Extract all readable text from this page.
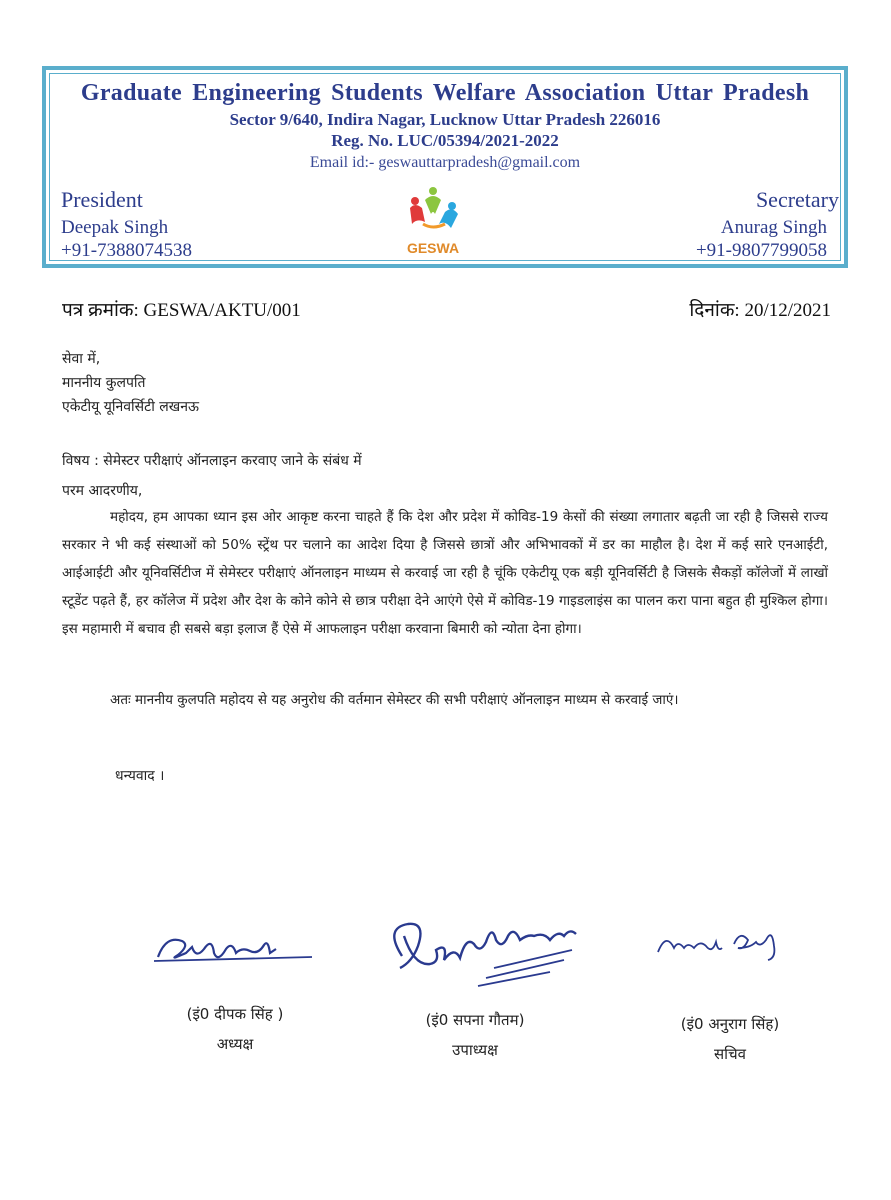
Graduate Engineering Students Welfare Association Uttar Pradesh
Sector 9/640, Indira Nagar, Lucknow Uttar Pradesh 226016
Reg. No. LUC/05394/2021-2022
Email id:- geswauttarpradesh@gmail.com
President
Deepak Singh
+91-7388074538	GESWA
Secretary
Anurag Singh
+91-9807799058
पत्र क्रमांक: GESWA/AKTU/001	दिनांक: 20/12/2021
सेवा में,
माननीय कुलपति
एकेटीयू यूनिवर्सिटी लखनऊ
विषय : सेमेस्टर परीक्षाएं ऑनलाइन करवाए जाने के संबंध में
परम आदरणीय,
महोदय, हम आपका ध्यान इस ओर आकृष्ट करना चाहते हैं कि देश और प्रदेश में कोविड-19 केसों की संख्या लगातार बढ़ती जा रही है जिससे राज्य सरकार ने भी कई संस्थाओं को 50% स्ट्रेंथ पर चलाने का आदेश दिया है जिससे छात्रों और अभिभावकों में डर का माहौल है। देश में कई सारे एनआईटी, आईआईटी और यूनिवर्सिटीज में सेमेस्टर परीक्षाएं ऑनलाइन माध्यम से करवाई जा रही है चूंकि एकेटीयू एक बड़ी यूनिवर्सिटी है जिसके सैकड़ों कॉलेजों में लाखों स्टूडेंट पढ़ते हैं, हर कॉलेज में प्रदेश और देश के कोने कोने से छात्र परीक्षा देने आएंगे ऐसे में कोविड-19 गाइडलाइंस का पालन करा पाना बहुत ही मुश्किल होगा। इस महामारी में बचाव ही सबसे बड़ा इलाज हैं ऐसे में आफलाइन परीक्षा करवाना बिमारी को न्योता देना होगा।
अतः माननीय कुलपति महोदय से यह अनुरोध की वर्तमान सेमेस्टर की सभी परीक्षाएं ऑनलाइन माध्यम से करवाई जाएं।
धन्यवाद ।
(इं0 दीपक सिंह )
अध्यक्ष
(इं0 सपना गौतम)
उपाध्यक्ष
(इं0 अनुराग सिंह)
सचिव
